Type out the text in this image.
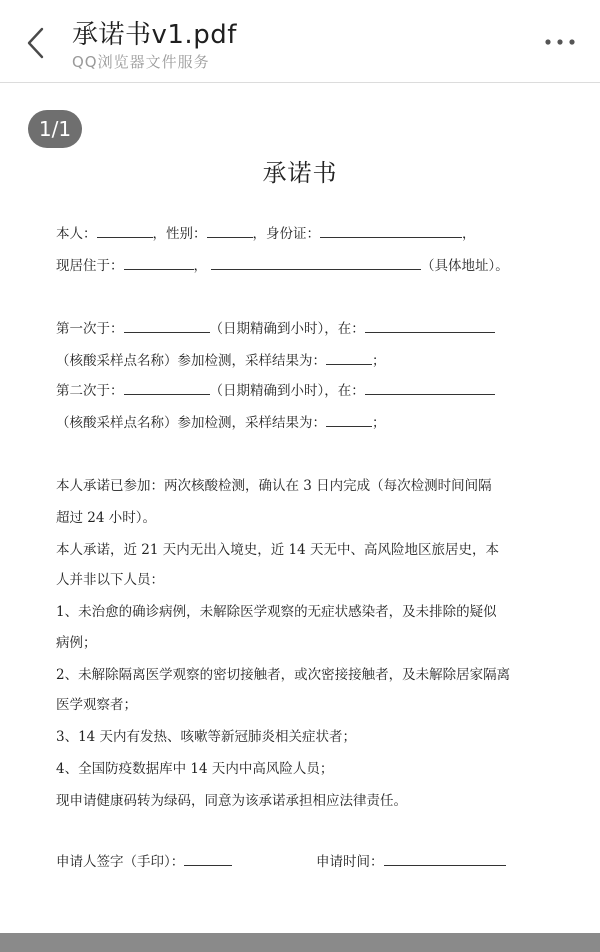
承诺书v1.pdf
QQ浏览器文件服务
1/1
承诺书
本人：	，性别：	，身份证：	，
现居住于：	，	（具体地址）。
第一次于：	（日期精确到小时），在：
（核酸采样点名称）参加检测，采样结果为：	；
第二次于：	（日期精确到小时），在：
（核酸采样点名称）参加检测，采样结果为：	；
本人承诺已参加：两次核酸检测，确认在 3 日内完成（每次检测时间间隔
超过 24 小时）。
本人承诺，近 21 天内无出入境史，近 14 天无中、高风险地区旅居史，本
人并非以下人员：
1、未治愈的确诊病例，未解除医学观察的无症状感染者，及未排除的疑似
病例；
2、未解除隔离医学观察的密切接触者，或次密接接触者，及未解除居家隔离
医学观察者；
3、14 天内有发热、咳嗽等新冠肺炎相关症状者；
4、全国防疫数据库中 14 天内中高风险人员；
现申请健康码转为绿码，同意为该承诺承担相应法律责任。
申请人签字（手印）：	申请时间：
